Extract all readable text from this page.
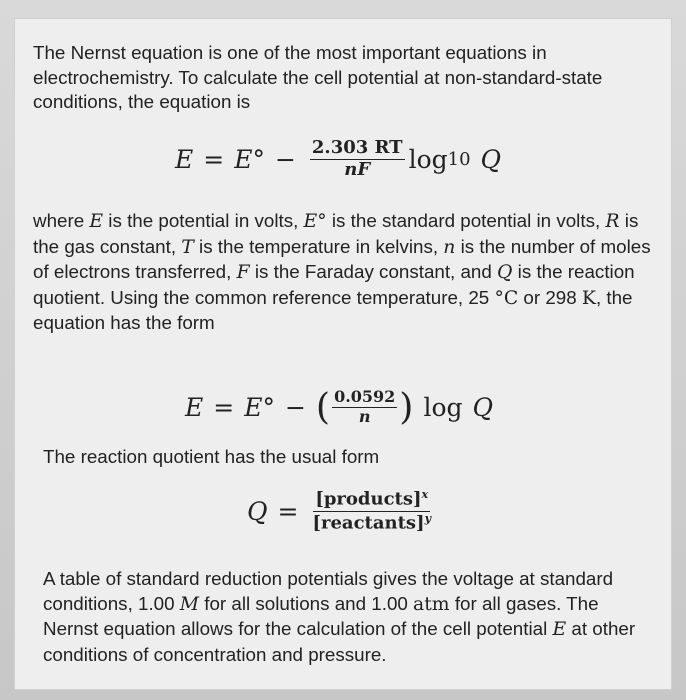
The Nernst equation is one of the most important equations in electrochemistry. To calculate the cell potential at non-standard-state conditions, the equation is

$E = E^\circ - \frac{2.303 RT}{nF}$ log 10 Q

where E is the potential in volts, E° is the standard potential in volts, R is the gas constant, T is the temperature in kelvins, n is the number of moles of electrons transferred, F is the Faraday constant, and Q is the reaction quotient. Using the common reference temperature, 25 °C or 298 K, the equation has the form

E = E° − ( $\frac{0.0592}{n}$ ) log Q

The reaction quotient has the usual form

$Q = \frac{[products]^x}{[reactants]^y}$

A table of standard reduction potentials gives the voltage at standard conditions, 1.00 M for all solutions and 1.00 atm for all gases. The Nernst equation allows for the calculation of the cell potential E at other conditions of concentration and pressure.
